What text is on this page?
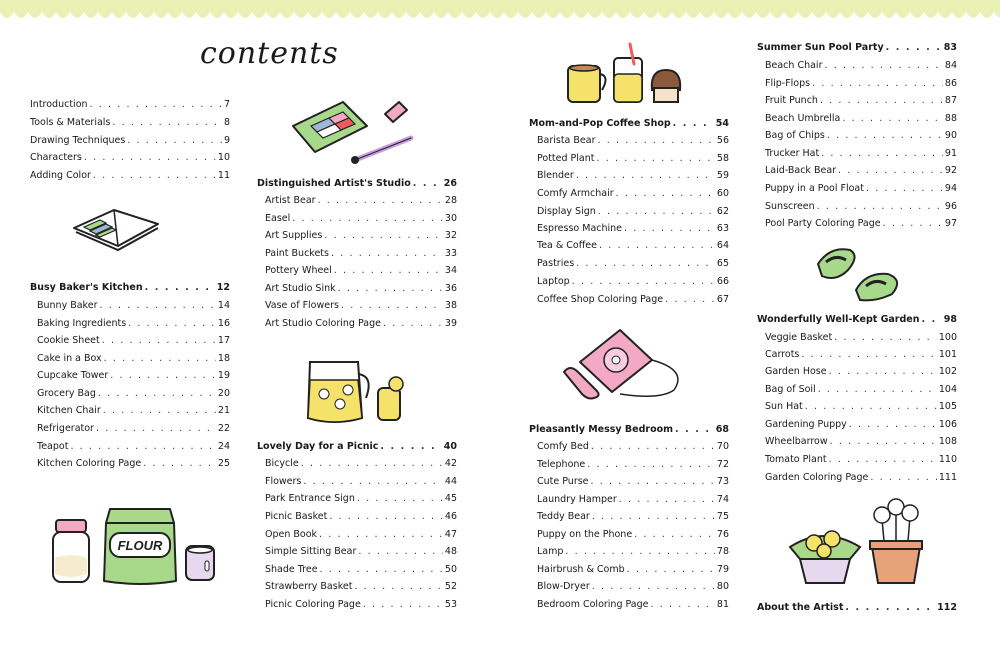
contents
Introduction . . .	7
Tools & Materials . . .	8
Drawing Techniques . . .	9
Characters . . .	10
Adding Color . . .	11
Busy Baker's Kitchen . . .	12
Bunny Baker . . .	14
Baking Ingredients . . .	16
Cookie Sheet . . .	17
Cake in a Box . . .	18
Cupcake Tower . . .	19
Grocery Bag . . .	20
Kitchen Chair . . .	21
Refrigerator . . .	22
Teapot . . .	24
Kitchen Coloring Page . . .	25
Distinguished Artist's Studio . . .	26
Artist Bear . . .	28
Easel . . .	30
Art Supplies . . .	32
Paint Buckets . . .	33
Pottery Wheel . . .	34
Art Studio Sink . . .	36
Vase of Flowers . . .	38
Art Studio Coloring Page . . .	39
Lovely Day for a Picnic . . .	40
Bicycle . . .	42
Flowers . . .	44
Park Entrance Sign . . .	45
Picnic Basket . . .	46
Open Book . . .	47
Simple Sitting Bear . . .	48
Shade Tree . . .	50
Strawberry Basket . . .	52
Picnic Coloring Page . . .	53
Mom-and-Pop Coffee Shop . . .	54
Barista Bear . . .	56
Potted Plant . . .	58
Blender . . .	59
Comfy Armchair . . .	60
Display Sign . . .	62
Espresso Machine . . .	63
Tea & Coffee . . .	64
Pastries . . .	65
Laptop . . .	66
Coffee Shop Coloring Page . . .	67
Pleasantly Messy Bedroom . . .	68
Comfy Bed . . .	70
Telephone . . .	72
Cute Purse . . .	73
Laundry Hamper . . .	74
Teddy Bear . . .	75
Puppy on the Phone . . .	76
Lamp . . .	78
Hairbrush & Comb . . .	79
Blow-Dryer . . .	80
Bedroom Coloring Page . . .	81
Summer Sun Pool Party . . .	83
Beach Chair . . .	84
Flip-Flops . . .	86
Fruit Punch . . .	87
Beach Umbrella . . .	88
Bag of Chips . . .	90
Trucker Hat . . .	91
Laid-Back Bear . . .	92
Puppy in a Pool Float . . .	94
Sunscreen . . .	96
Pool Party Coloring Page . . .	97
Wonderfully Well-Kept Garden . . .	98
Veggie Basket . . .	100
Carrots . . .	101
Garden Hose . . .	102
Bag of Soil . . .	104
Sun Hat . . .	105
Gardening Puppy . . .	106
Wheelbarrow . . .	108
Tomato Plant . . .	110
Garden Coloring Page . . .	111
About the Artist . . .	112
FLOUR
